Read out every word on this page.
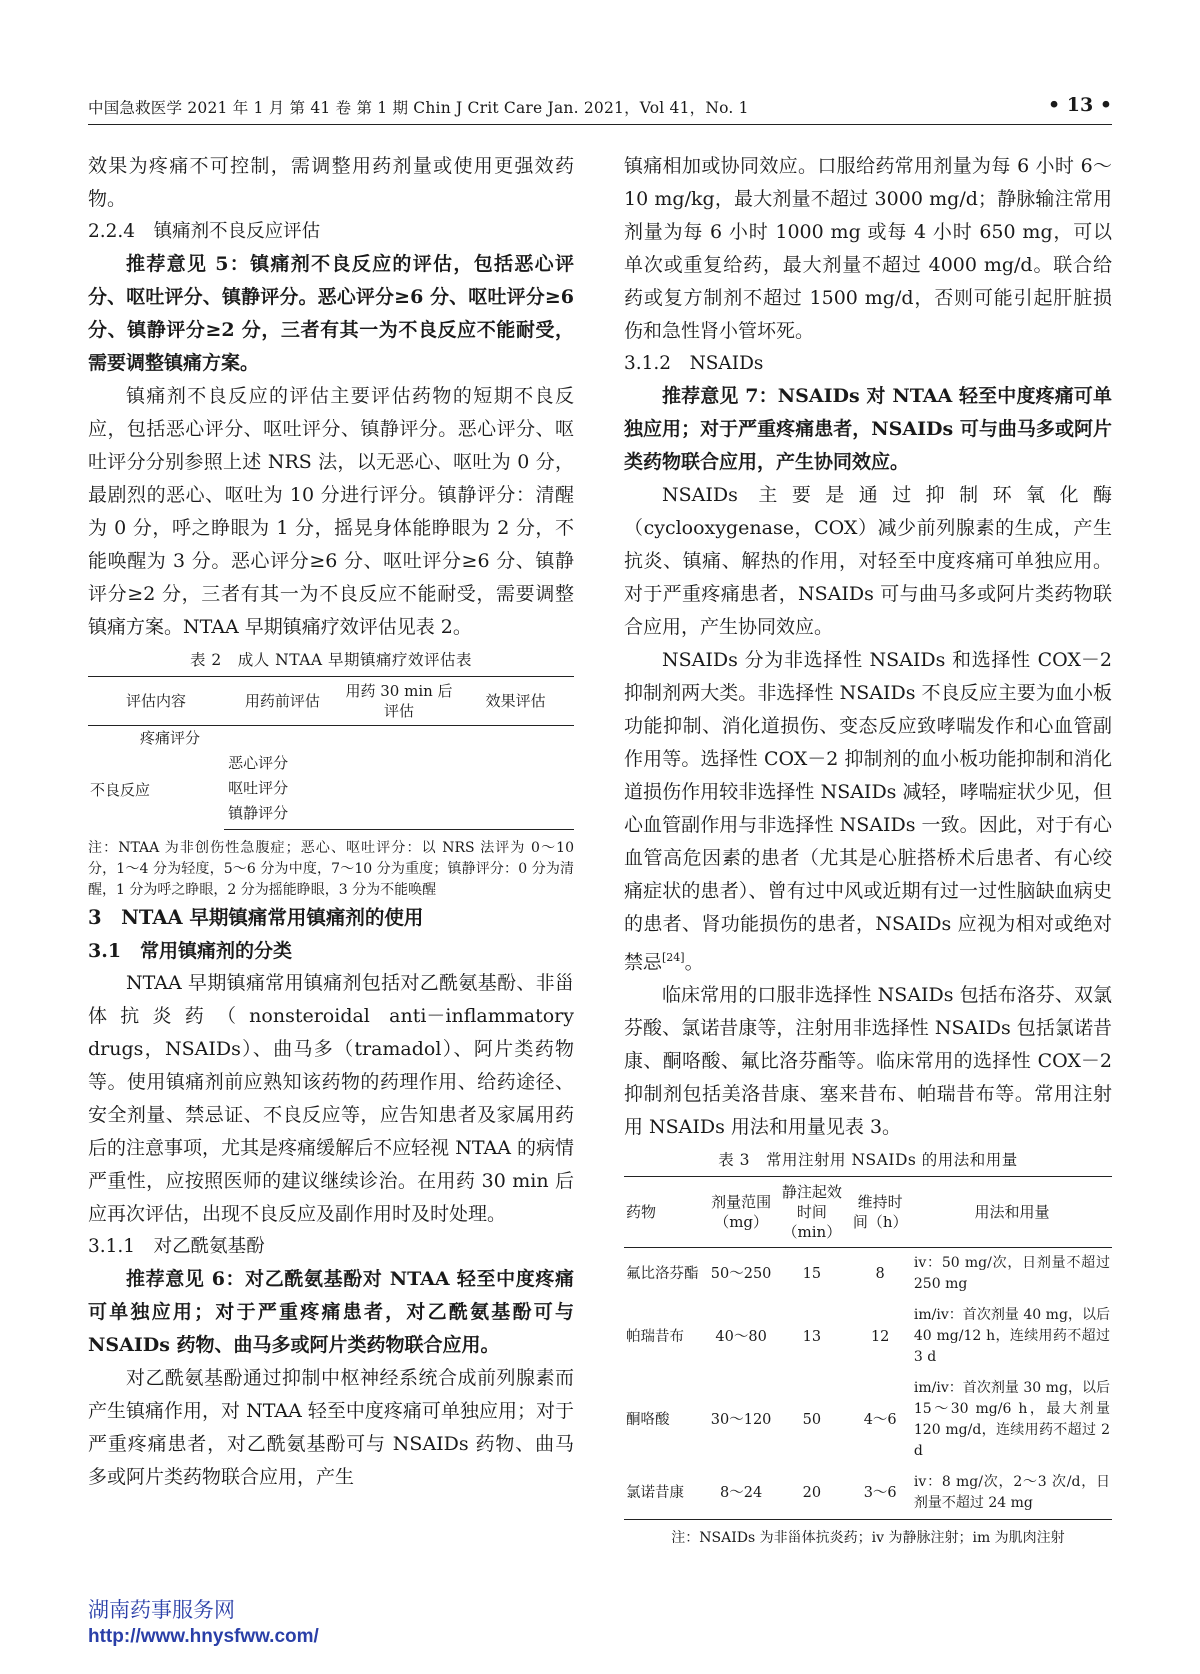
中国急救医学 2021 年 1 月 第 41 卷 第 1 期 Chin J Crit Care Jan. 2021，Vol 41，No. 1	• 13 •

效果为疼痛不可控制，需调整用药剂量或使用更强效药物。

2.2.4　镇痛剂不良反应评估

推荐意见 5：镇痛剂不良反应的评估，包括恶心评分、呕吐评分、镇静评分。恶心评分≥6 分、呕吐评分≥6 分、镇静评分≥2 分，三者有其一为不良反应不能耐受，需要调整镇痛方案。

镇痛剂不良反应的评估主要评估药物的短期不良反应，包括恶心评分、呕吐评分、镇静评分。恶心评分、呕吐评分分别参照上述 NRS 法，以无恶心、呕吐为 0 分，最剧烈的恶心、呕吐为 10 分进行评分。镇静评分：清醒为 0 分，呼之睁眼为 1 分，摇晃身体能睁眼为 2 分，不能唤醒为 3 分。恶心评分≥6 分、呕吐评分≥6 分、镇静评分≥2 分，三者有其一为不良反应不能耐受，需要调整镇痛方案。NTAA 早期镇痛疗效评估见表 2。

表 2　成人 NTAA 早期镇痛疗效评估表
评估内容	用药前评估	用药 30 min 后评估	效果评估
疼痛评分			
不良反应	恶心评分		
	呕吐评分		
	镇静评分		
注：NTAA 为非创伤性急腹症；恶心、呕吐评分：以 NRS 法评为 0～10 分，1～4 分为轻度，5～6 分为中度，7～10 分为重度；镇静评分：0 分为清醒，1 分为呼之睁眼，2 分为摇能睁眼，3 分为不能唤醒

3　NTAA 早期镇痛常用镇痛剂的使用

3.1　常用镇痛剂的分类

NTAA 早期镇痛常用镇痛剂包括对乙酰氨基酚、非甾体抗炎药（nonsteroidal anti－inflammatory drugs，NSAIDs）、曲马多（tramadol）、阿片类药物等。使用镇痛剂前应熟知该药物的药理作用、给药途径、安全剂量、禁忌证、不良反应等，应告知患者及家属用药后的注意事项，尤其是疼痛缓解后不应轻视 NTAA 的病情严重性，应按照医师的建议继续诊治。在用药 30 min 后应再次评估，出现不良反应及副作用时及时处理。

3.1.1　对乙酰氨基酚

推荐意见 6：对乙酰氨基酚对 NTAA 轻至中度疼痛可单独应用；对于严重疼痛患者，对乙酰氨基酚可与 NSAIDs 药物、曲马多或阿片类药物联合应用。

对乙酰氨基酚通过抑制中枢神经系统合成前列腺素而产生镇痛作用，对 NTAA 轻至中度疼痛可单独应用；对于严重疼痛患者，对乙酰氨基酚可与 NSAIDs 药物、曲马多或阿片类药物联合应用，产生

镇痛相加或协同效应。口服给药常用剂量为每 6 小时 6～10 mg/kg，最大剂量不超过 3000 mg/d；静脉输注常用剂量为每 6 小时 1000 mg 或每 4 小时 650 mg，可以单次或重复给药，最大剂量不超过 4000 mg/d。联合给药或复方制剂不超过 1500 mg/d，否则可能引起肝脏损伤和急性肾小管坏死。

3.1.2　NSAIDs

推荐意见 7：NSAIDs 对 NTAA 轻至中度疼痛可单独应用；对于严重疼痛患者，NSAIDs 可与曲马多或阿片类药物联合应用，产生协同效应。

NSAIDs 主要是通过抑制环氧化酶（cyclooxygenase，COX）减少前列腺素的生成，产生抗炎、镇痛、解热的作用，对轻至中度疼痛可单独应用。对于严重疼痛患者，NSAIDs 可与曲马多或阿片类药物联合应用，产生协同效应。

NSAIDs 分为非选择性 NSAIDs 和选择性 COX－2 抑制剂两大类。非选择性 NSAIDs 不良反应主要为血小板功能抑制、消化道损伤、变态反应致哮喘发作和心血管副作用等。选择性 COX－2 抑制剂的血小板功能抑制和消化道损伤作用较非选择性 NSAIDs 减轻，哮喘症状少见，但心血管副作用与非选择性 NSAIDs 一致。因此，对于有心血管高危因素的患者（尤其是心脏搭桥术后患者、有心绞痛症状的患者）、曾有过中风或近期有过一过性脑缺血病史的患者、肾功能损伤的患者，NSAIDs 应视为相对或绝对禁忌[24]。

临床常用的口服非选择性 NSAIDs 包括布洛芬、双氯芬酸、氯诺昔康等，注射用非选择性 NSAIDs 包括氯诺昔康、酮咯酸、氟比洛芬酯等。临床常用的选择性 COX－2 抑制剂包括美洛昔康、塞来昔布、帕瑞昔布等。常用注射用 NSAIDs 用法和用量见表 3。

表 3　常用注射用 NSAIDs 的用法和用量
药物	剂量范围（mg）	静注起效时间（min）	维持时间（h）	用法和用量
氟比洛芬酯	50～250	15	8	iv：50 mg/次，日剂量不超过 250 mg
帕瑞昔布	40～80	13	12	im/iv：首次剂量 40 mg，以后 40 mg/12 h，连续用药不超过 3 d
酮咯酸	30～120	50	4～6	im/iv：首次剂量 30 mg，以后 15～30 mg/6 h，最大剂量 120 mg/d，连续用药不超过 2 d
氯诺昔康	8～24	20	3～6	iv：8 mg/次，2～3 次/d，日剂量不超过 24 mg
注：NSAIDs 为非甾体抗炎药；iv 为静脉注射；im 为肌肉注射
湖南药事服务网
http://www.hnysfww.com/
